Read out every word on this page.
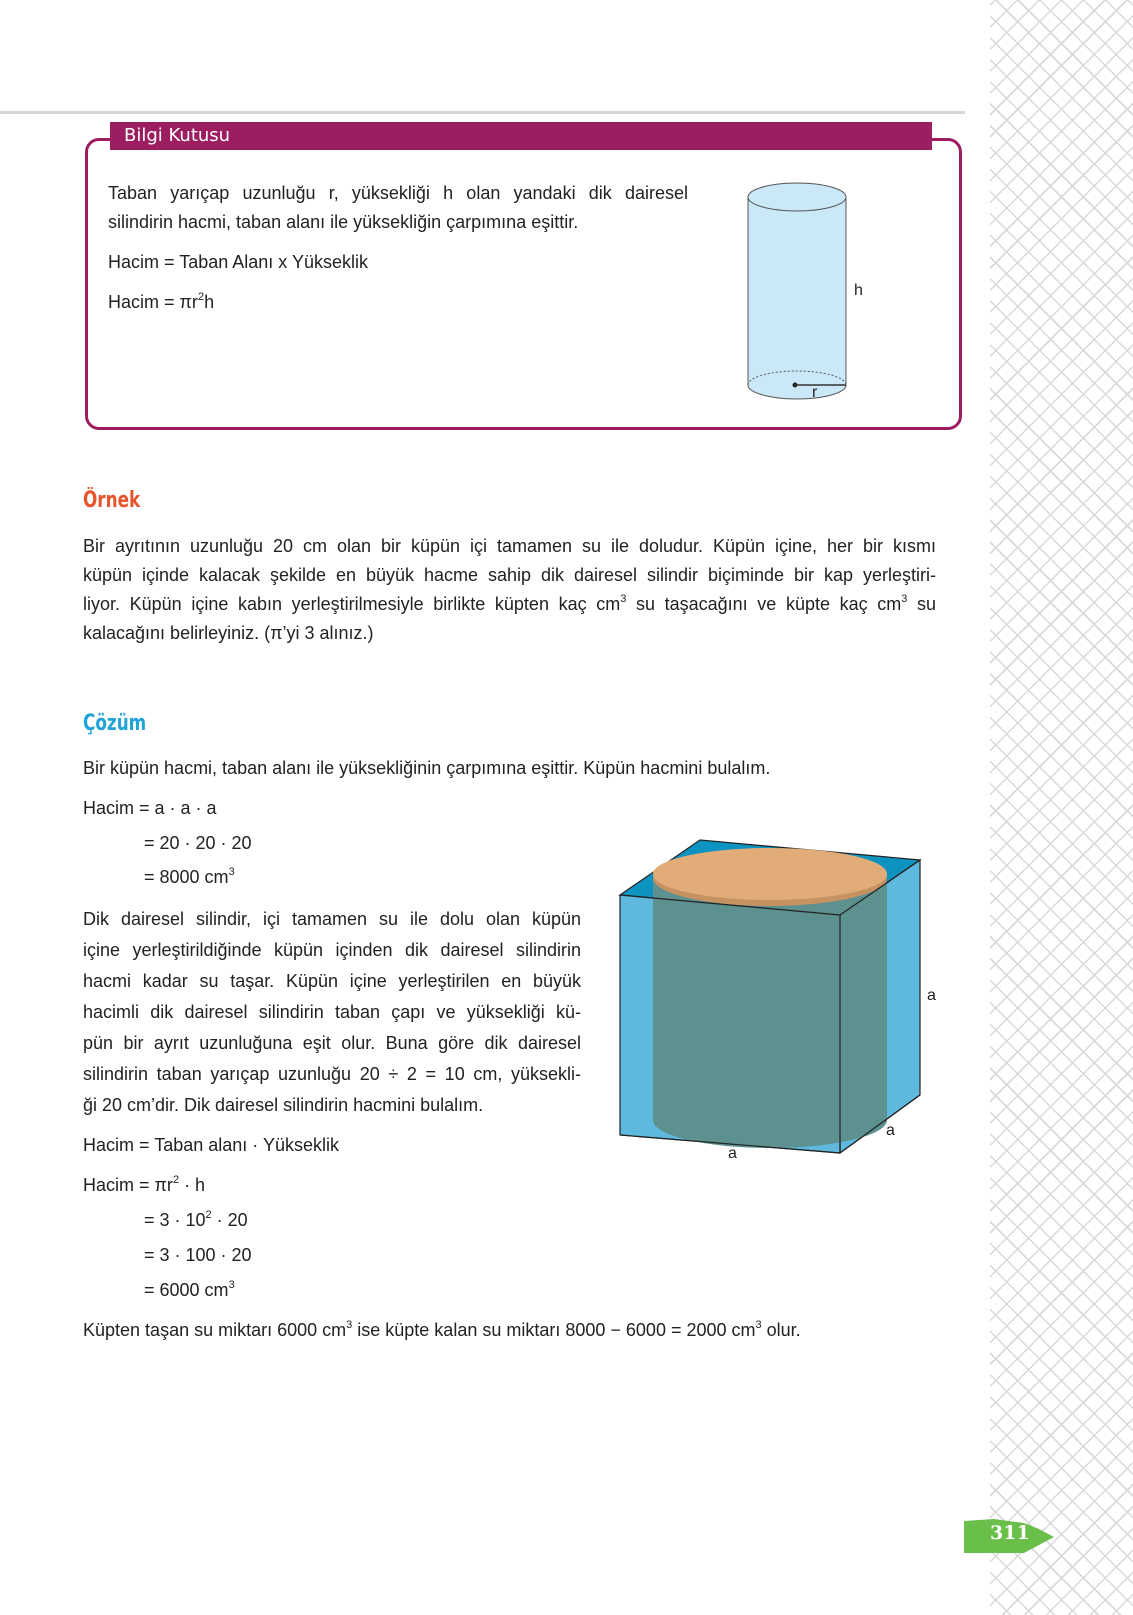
Bilgi Kutusu
Taban yarıçap uzunluğu r, yüksekliği h olan yandaki dik dairesel
silindirin hacmi, taban alanı ile yüksekliğin çarpımına eşittir.
Hacim = Taban Alanı x Yükseklik
Hacim = $\pi r^2h$
h
r
Örnek
Bir ayrıtının uzunluğu 20 cm olan bir küpün içi tamamen su ile doludur. Küpün içine, her bir kısmı
küpün içinde kalacak şekilde en büyük hacme sahip dik dairesel silindir biçiminde bir kap yerleştiri-
liyor. Küpün içine kabın yerleştirilmesiyle birlikte küpten kaç $cm^3$ su taşacağını ve küpte kaç $cm^3$ su
kalacağını belirleyiniz. (π’yi 3 alınız.)
Çözüm
Bir küpün hacmi, taban alanı ile yüksekliğinin çarpımına eşittir. Küpün hacmini bulalım.
Hacim = a · a · a
= 20 · 20 · 20
= 8000 $cm^3$
Dik dairesel silindir, içi tamamen su ile dolu olan küpün
içine yerleştirildiğinde küpün içinden dik dairesel silindirin
hacmi kadar su taşar. Küpün içine yerleştirilen en büyük
hacimli dik dairesel silindirin taban çapı ve yüksekliği kü-
pün bir ayrıt uzunluğuna eşit olur. Buna göre dik dairesel
silindirin taban yarıçap uzunluğu 20 ÷ 2 = 10 cm, yüksekli-
ği 20 cm’dir. Dik dairesel silindirin hacmini bulalım.
Hacim = Taban alanı · Yükseklik
Hacim = $\pi r^2 \cdot h$
= $3 \cdot 10^2 \cdot 20$
= 3 · 100 · 20
= 6000 $cm^3$
Küpten taşan su miktarı 6000 $cm^3$ ise küpte kalan su miktarı 8000 − 6000 = 2000 $cm^3$ olur.
a
a
a
311
